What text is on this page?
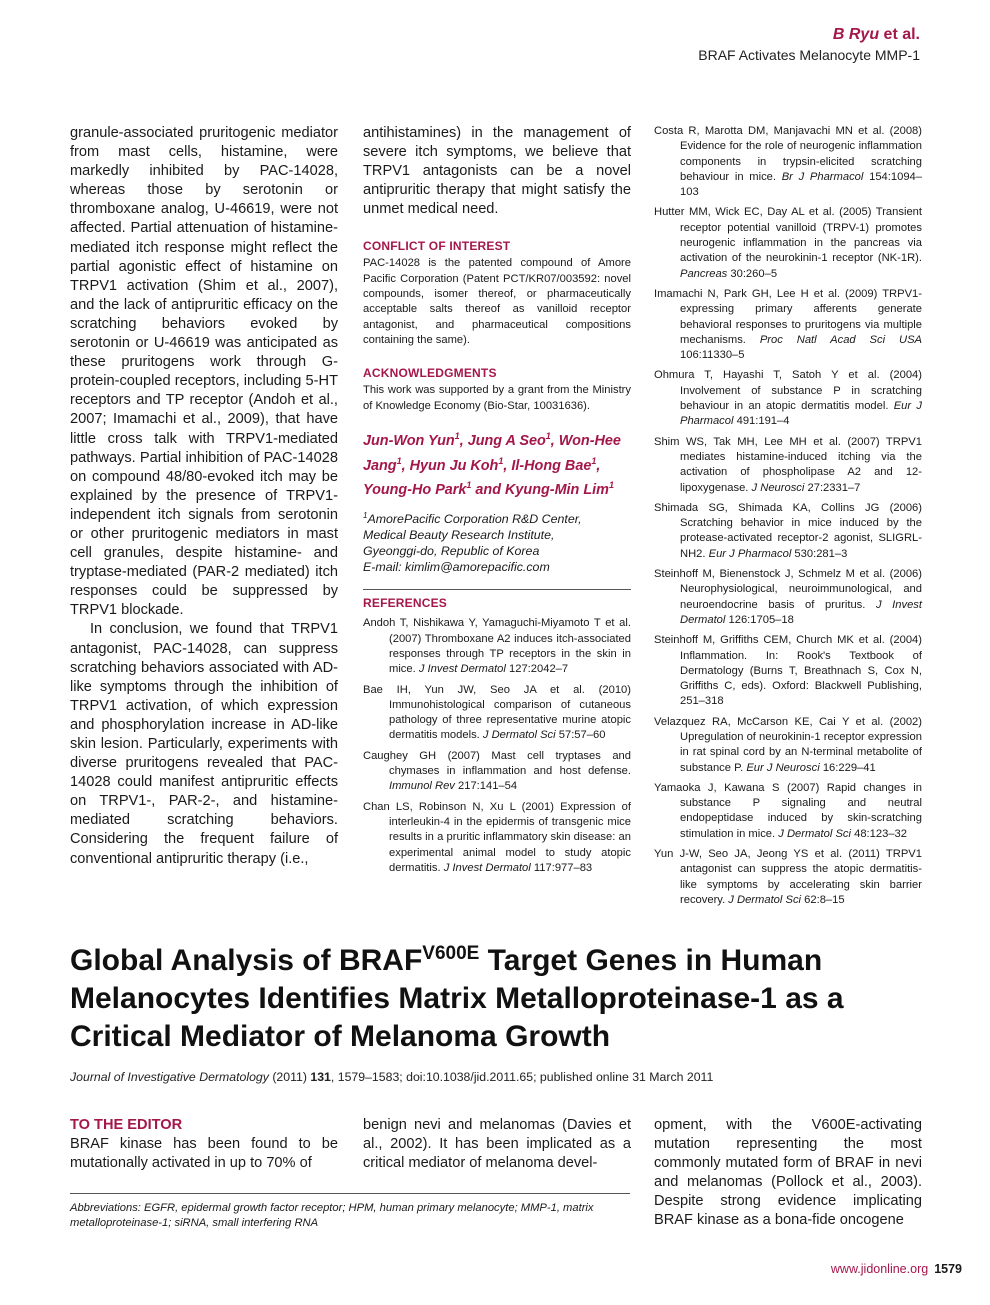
B Ryu et al.
BRAF Activates Melanocyte MMP-1

granule-associated pruritogenic mediator from mast cells, histamine, were markedly inhibited by PAC-14028, whereas those by serotonin or thromboxane analog, U-46619, were not affected. Partial attenuation of histamine-mediated itch response might reflect the partial agonistic effect of histamine on TRPV1 activation (Shim et al., 2007), and the lack of antipruritic efficacy on the scratching behaviors evoked by serotonin or U-46619 was anticipated as these pruritogens work through G-protein-coupled receptors, including 5-HT receptors and TP receptor (Andoh et al., 2007; Imamachi et al., 2009), that have little cross talk with TRPV1-mediated pathways. Partial inhibition of PAC-14028 on compound 48/80-evoked itch may be explained by the presence of TRPV1-independent itch signals from serotonin or other pruritogenic mediators in mast cell granules, despite histamine- and tryptase-mediated (PAR-2 mediated) itch responses could be suppressed by TRPV1 blockade.

In conclusion, we found that TRPV1 antagonist, PAC-14028, can suppress scratching behaviors associated with AD-like symptoms through the inhibition of TRPV1 activation, of which expression and phosphorylation increase in AD-like skin lesion. Particularly, experiments with diverse pruritogens revealed that PAC-14028 could manifest antipruritic effects on TRPV1-, PAR-2-, and histamine-mediated scratching behaviors. Considering the frequent failure of conventional antipruritic therapy (i.e.,

antihistamines) in the management of severe itch symptoms, we believe that TRPV1 antagonists can be a novel antipruritic therapy that might satisfy the unmet medical need.
CONFLICT OF INTEREST

PAC-14028 is the patented compound of Amore Pacific Corporation (Patent PCT/KR07/003592: novel compounds, isomer thereof, or pharmaceutically acceptable salts thereof as vanilloid receptor antagonist, and pharmaceutical compositions containing the same).

ACKNOWLEDGMENTS

This work was supported by a grant from the Ministry of Knowledge Economy (Bio-Star, 10031636).

Jun-Won Yun$^1$, Jung A Seo$^1$, Won-Hee Jang$^1$, Hyun Ju Koh$^1$, Il-Hong Bae$^1$, Young-Ho Park$^1$ and Kyung-Min Lim$^1$
$^1$AmorePacific Corporation R&D Center,
Medical Beauty Research Institute,
Gyeonggi-do, Republic of Korea
E-mail: kimlim@amorepacific.com
REFERENCES
Andoh T, Nishikawa Y, Yamaguchi-Miyamoto T et al. (2007) Thromboxane A2 induces itch-associated responses through TP receptors in the skin in mice. J Invest Dermatol 127:2042–7
Bae IH, Yun JW, Seo JA et al. (2010) Immunohistological comparison of cutaneous pathology of three representative murine atopic dermatitis models. J Dermatol Sci 57:57–60
Caughey GH (2007) Mast cell tryptases and chymases in inflammation and host defense. Immunol Rev 217:141–54
Chan LS, Robinson N, Xu L (2001) Expression of interleukin-4 in the epidermis of transgenic mice results in a pruritic inflammatory skin disease: an experimental animal model to study atopic dermatitis. J Invest Dermatol 117:977–83
Costa R, Marotta DM, Manjavachi MN et al. (2008) Evidence for the role of neurogenic inflammation components in trypsin-elicited scratching behaviour in mice. Br J Pharmacol 154:1094–103
Hutter MM, Wick EC, Day AL et al. (2005) Transient receptor potential vanilloid (TRPV-1) promotes neurogenic inflammation in the pancreas via activation of the neurokinin-1 receptor (NK-1R). Pancreas 30:260–5
Imamachi N, Park GH, Lee H et al. (2009) TRPV1-expressing primary afferents generate behavioral responses to pruritogens via multiple mechanisms. Proc Natl Acad Sci USA 106:11330–5
Ohmura T, Hayashi T, Satoh Y et al. (2004) Involvement of substance P in scratching behaviour in an atopic dermatitis model. Eur J Pharmacol 491:191–4
Shim WS, Tak MH, Lee MH et al. (2007) TRPV1 mediates histamine-induced itching via the activation of phospholipase A2 and 12-lipoxygenase. J Neurosci 27:2331–7
Shimada SG, Shimada KA, Collins JG (2006) Scratching behavior in mice induced by the protease-activated receptor-2 agonist, SLIGRL-NH2. Eur J Pharmacol 530:281–3
Steinhoff M, Bienenstock J, Schmelz M et al. (2006) Neurophysiological, neuroimmunological, and neuroendocrine basis of pruritus. J Invest Dermatol 126:1705–18
Steinhoff M, Griffiths CEM, Church MK et al. (2004) Inflammation. In: Rook's Textbook of Dermatology (Burns T, Breathnach S, Cox N, Griffiths C, eds). Oxford: Blackwell Publishing, 251–318
Velazquez RA, McCarson KE, Cai Y et al. (2002) Upregulation of neurokinin-1 receptor expression in rat spinal cord by an N-terminal metabolite of substance P. Eur J Neurosci 16:229–41
Yamaoka J, Kawana S (2007) Rapid changes in substance P signaling and neutral endopeptidase induced by skin-scratching stimulation in mice. J Dermatol Sci 48:123–32
Yun J-W, Seo JA, Jeong YS et al. (2011) TRPV1 antagonist can suppress the atopic dermatitis-like symptoms by accelerating skin barrier recovery. J Dermatol Sci 62:8–15
Global Analysis of $BRAF^{V600E}$ Target Genes in Human Melanocytes Identifies Matrix Metalloproteinase-1 as a Critical Mediator of Melanoma Growth
Journal of Investigative Dermatology (2011) 131, 1579–1583; doi:10.1038/jid.2011.65; published online 31 March 2011
TO THE EDITOR

BRAF kinase has been found to be mutationally activated in up to 70% of

benign nevi and melanomas (Davies et al., 2002). It has been implicated as a critical mediator of melanoma devel-

opment, with the V600E-activating mutation representing the most commonly mutated form of BRAF in nevi and melanomas (Pollock et al., 2003). Despite strong evidence implicating BRAF kinase as a bona-fide oncogene

Abbreviations: EGFR, epidermal growth factor receptor; HPM, human primary melanocyte; MMP-1, matrix metalloproteinase-1; siRNA, small interfering RNA
www.jidonline.org 1579
